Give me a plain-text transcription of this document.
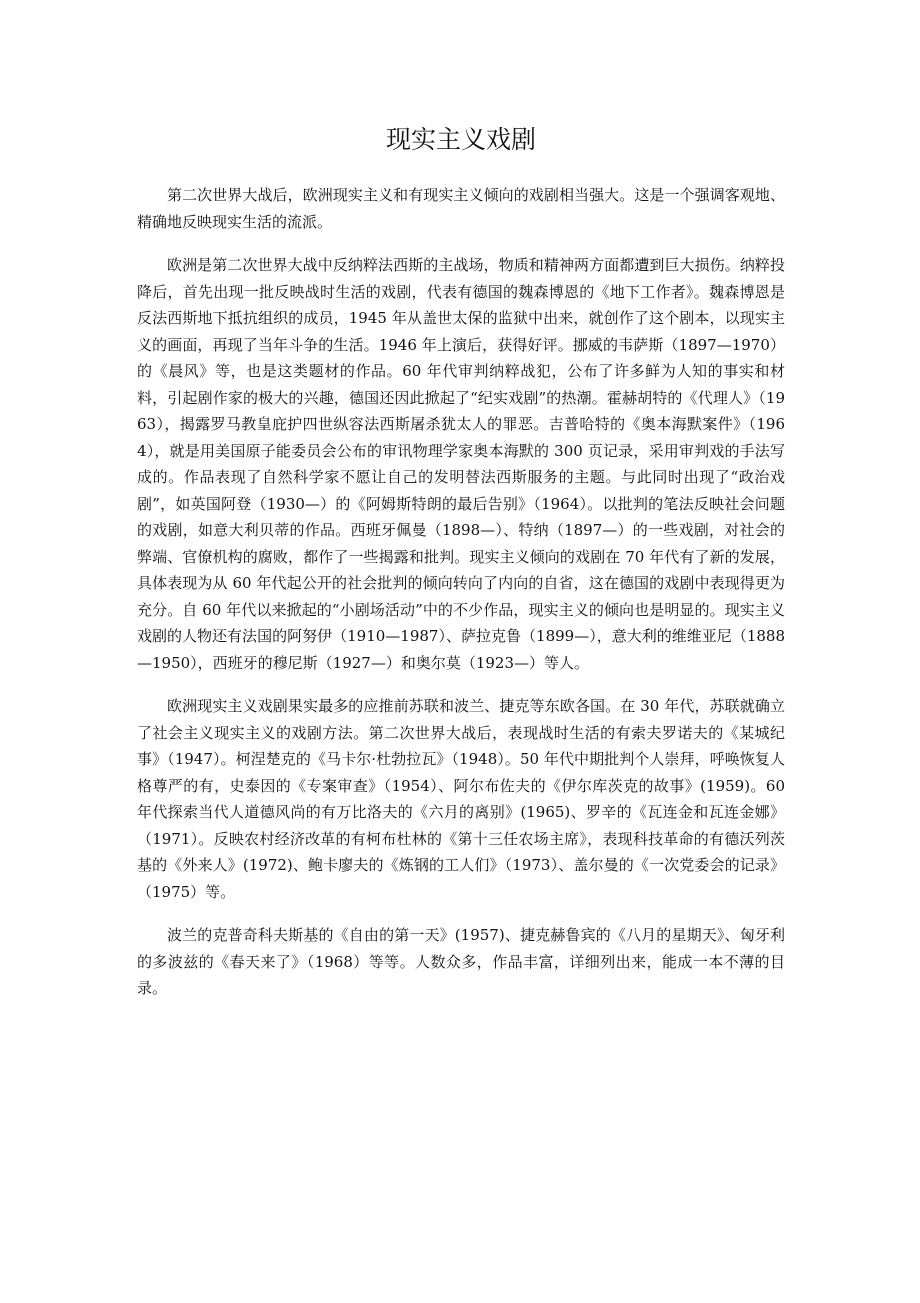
现实主义戏剧

第二次世界大战后，欧洲现实主义和有现实主义倾向的戏剧相当强大。这是一个强调客观地、精确地反映现实生活的流派。

欧洲是第二次世界大战中反纳粹法西斯的主战场，物质和精神两方面都遭到巨大损伤。纳粹投降后，首先出现一批反映战时生活的戏剧，代表有德国的魏森博恩的《地下工作者》。魏森博恩是反法西斯地下抵抗组织的成员，1945 年从盖世太保的监狱中出来，就创作了这个剧本，以现实主义的画面，再现了当年斗争的生活。1946 年上演后，获得好评。挪威的韦萨斯（1897—1970）的《晨风》等，也是这类题材的作品。60 年代审判纳粹战犯，公布了许多鲜为人知的事实和材料，引起剧作家的极大的兴趣，德国还因此掀起了“纪实戏剧”的热潮。霍赫胡特的《代理人》（1963），揭露罗马教皇庇护四世纵容法西斯屠杀犹太人的罪恶。吉普哈特的《奥本海默案件》（1964），就是用美国原子能委员会公布的审讯物理学家奥本海默的 300 页记录，采用审判戏的手法写成的。作品表现了自然科学家不愿让自己的发明替法西斯服务的主题。与此同时出现了“政治戏剧”，如英国阿登（1930—）的《阿姆斯特朗的最后告别》（1964）。以批判的笔法反映社会问题的戏剧，如意大利贝蒂的作品。西班牙佩曼（1898—）、特纳（1897—）的一些戏剧，对社会的弊端、官僚机构的腐败，都作了一些揭露和批判。现实主义倾向的戏剧在 70 年代有了新的发展，具体表现为从 60 年代起公开的社会批判的倾向转向了内向的自省，这在德国的戏剧中表现得更为充分。自 60 年代以来掀起的“小剧场活动”中的不少作品，现实主义的倾向也是明显的。现实主义戏剧的人物还有法国的阿努伊（1910—1987）、萨拉克鲁（1899—），意大利的维维亚尼（1888—1950），西班牙的穆尼斯（1927—）和奥尔莫（1923—）等人。

欧洲现实主义戏剧果实最多的应推前苏联和波兰、捷克等东欧各国。在 30 年代，苏联就确立了社会主义现实主义的戏剧方法。第二次世界大战后，表现战时生活的有索夫罗诺夫的《某城纪事》（1947）。柯涅楚克的《马卡尔·杜勃拉瓦》（1948）。50 年代中期批判个人崇拜，呼唤恢复人格尊严的有，史泰因的《专案审查》（1954）、阿尔布佐夫的《伊尔库茨克的故事》(1959)。60 年代探索当代人道德风尚的有万比洛夫的《六月的离别》(1965)、罗辛的《瓦连金和瓦连金娜》（1971）。反映农村经济改革的有柯布杜林的《第十三任农场主席》，表现科技革命的有德沃列茨基的《外来人》(1972)、鲍卡廖夫的《炼钢的工人们》（1973）、盖尔曼的《一次党委会的记录》（1975）等。

波兰的克普奇科夫斯基的《自由的第一天》(1957)、捷克赫鲁宾的《八月的星期天》、匈牙利的多波兹的《春天来了》（1968）等等。人数众多，作品丰富，详细列出来，能成一本不薄的目录。
